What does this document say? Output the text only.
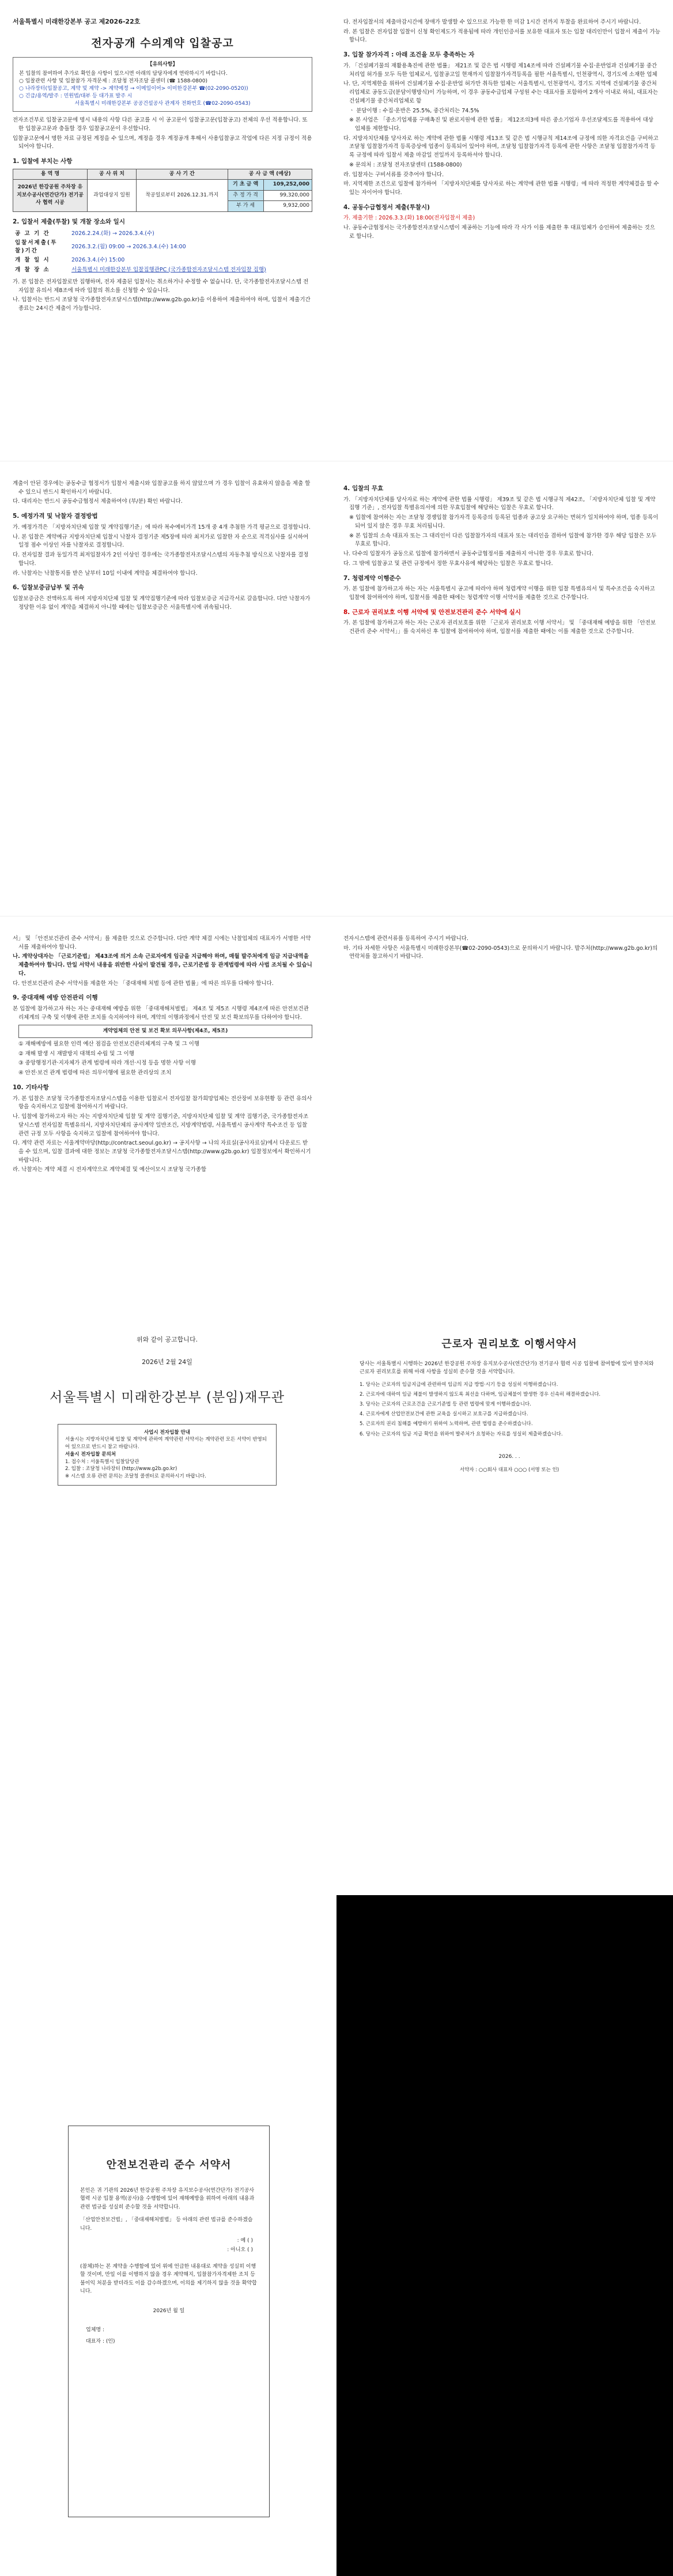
서울특별시 미래한강본부 공고 제2026-22호
전자공개 수의계약 입찰공고
【유의사항】
본 입찰의 참여하여 추가로 확인을 사항이 있으시면 아래의 담당자에게 연락하시기 바랍니다.
○ 입찰관련 사항 및 입찰참가 자격문제 : 조달청 전자조달 콜센터 (☎ 1588-0800)
○ 나라장터(입찰공고, 계약 및 계약 -> 계약예정 → 이메일이어> 이미한강본부 ☎(02-2090-0520))
○ 긴급/용역/발주 : 민원법/대부 등 대가표 발주 시
서울특별시 미래한강본부 공공건설공사 관계자 전화번호 (☎02-2090-0543)
전자조건부로 입찰공고문에 명시 내용의 사항 다른 공고를 시 이 공고문이 입찰공고문(입찰공고) 전체의 우선 적용합니다. 또한 입찰공고문과 충돌할 경우 입찰공고문이 우선합니다.
입찰공고문에서 명한 자료 규정된 계정을 수 있으며, 계정을 경우 계정공개 후해서 사용입찰공고 작업에 다른 지정 규정이 적용 되어야 합니다.
1. 입찰에 부치는 사항
용 역 명	공 사 위 치	공 사 기 간	공 사 금 액 (예상)	
2026년 한강공원 주차장 유지보수공사(연간단가) 전기공사 협력 시공	과업대상지 일원	착공일로부터 2026.12.31.까지	기 초 금 액	109,252,000
			추 정 가 격	99,320,000
			부 가 세	9,932,000
2. 입찰서 제출(투찰) 및 개찰 장소와 일시
공 고 기 간	2026.2.24.(화) → 2026.3.4.(수)
입찰서제출(투찰)기간	2026.3.2.(월) 09:00 → 2026.3.4.(수) 14:00
개 찰 일 시	2026.3.4.(수) 15:00
개 찰 장 소	서울특별시 미래한강본부 입찰집행관PC (국가종합전자조달시스템 전자입찰 집행)
가. 본 입찰은 전자입찰로만 집행하며, 전자 제출된 입찰서는 취소하거나 수정할 수 없습니다. 단, 국가종합전자조달시스템 전자입찰 유의서 제8조에 따라 입찰의 취소를 신청할 수 있습니다.
나. 입찰서는 반드시 조달청 국가종합전자조달시스템(http://www.g2b.go.kr)을 이용하여 제출하여야 하며, 입찰서 제출기간 종료는 24시간 제출이 가능합니다.
다. 전자입찰서의 제출마감시간에 장애가 발생할 수 있으므로 가능한 한 미감 1시간 전까지 투찰을 완료하여 주시기 바랍니다.
라. 본 입찰은 전자입찰 입찰이 신청 확인제도가 적용됨에 따라 개인인증서를 보유한 대표자 또는 입찰 대리인만이 입찰서 제출이 가능합니다.
3. 입찰 참가자격 : 아래 조건을 모두 충족하는 자
가. 「건설폐기물의 재활용촉진에 관한 법률」 제21조 및 같은 법 시행령 제14조에 따라 건설폐기물 수집·운반업과 건설폐기물 중간처리업 허가를 모두 득한 업체로서, 입찰공고일 현재까지 입찰참가자격등록을 필한 서울특별시, 인천광역시, 경기도에 소재한 업체
나. 단, 지역제한을 위하여 건설폐기물 수집·운반업 허가만 취득한 업체는 서울특별시, 인천광역시, 경기도 지역에 건설폐기물 중간처리업체로 공동도급(분담이행방식)이 가능하며, 이 경우 공동수급업체 구성원 수는 대표사를 포함하여 2개사 이내로 하되, 대표자는 건설폐기물 중간처리업체로 함
ㆍ 분담이행 : 수집·운반은 25.5%, 중간처리는 74.5%
※ 본 사업은 「중소기업제품 구매촉진 및 판로지원에 관한 법률」 제12조의3에 따른 중소기업자 우선조달제도를 적용하여 대상 업체를 제한합니다.
다. 지방자치단체를 당사자로 하는 계약에 관한 법률 시행령 제13조 및 같은 법 시행규칙 제14조에 규정에 의한 자격요건을 구비하고 조달청 입찰참가자격 등록증상에 업종이 등록되어 있어야 하며, 조달청 입찰참가자격 등록에 관한 사항은 조달청 입찰참가자격 등록 규정에 따라 입찰서 제출 마감일 전일까지 등록하셔야 합니다.
※ 문의처 : 조달청 전자조달센터 (1588-0800)
라. 입찰자는 구비서류를 갖추어야 합니다.
마. 지역제한 조건으로 입찰에 참가하여 「지방자치단체를 당사자로 하는 계약에 관한 법률 시행령」에 따라 적정한 계약체결을 할 수 있는 자이어야 합니다.
4. 공동수급협정서 제출(투찰시)
가. 제출기한 : 2026.3.3.(화) 18:00(전자입찰서 제출)
나. 공동수급협정서는 국가종합전자조달시스템이 제공하는 기능에 따라 각 사가 이를 제출한 후 대표업체가 승인하여 제출하는 것으로 합니다.
계출이 안된 경우에는 공동수급 협정서가 입찰서 제출시와 입찰공고를 하지 않았으며 가 경우 입찰이 유효하지 않음을 제출 할 수 있으니 반드시 확인하시기 바랍니다.
다. 대리자는 반드시 공동수급협정서 제출하여야 (부/분) 확인 바랍니다.
5. 예정가격 및 낙찰자 결정방법
가. 예정가격은 「지방자치단체 입찰 및 계약집행기준」에 따라 복수예비가격 15개 중 4개 추첨한 가격 평균으로 결정합니다.
나. 본 입찰은 계약예규 지방자치단체 입찰시 낙찰자 결정기준 제5장에 따라 최저가로 입찰한 자 순으로 적격심사를 실시하여 일정 점수 이상인 자를 낙찰자로 결정합니다.
다. 전자입찰 결과 동일가격 최저입찰자가 2인 이상인 경우에는 국가종합전자조달시스템의 자동추첨 방식으로 낙찰자를 결정합니다.
라. 낙찰자는 낙찰통지를 받은 날부터 10일 이내에 계약을 체결하여야 합니다.
6. 입찰보증금납부 및 귀속
입찰보증금은 전액하도록 하며 지방자치단체 입찰 및 계약집행기준에 따라 입찰보증금 지급각서로 갈음합니다. 다만 낙찰자가 정당한 이유 없이 계약을 체결하지 아니할 때에는 입찰보증금은 서울특별시에 귀속됩니다.
4. 입찰의 무효
가. 「지방자치단체를 당사자로 하는 계약에 관한 법률 시행령」 제39조 및 같은 법 시행규칙 제42조, 「지방자치단체 입찰 및 계약집행 기준」, 전자입찰 특별유의서에 의한 무효입찰에 해당하는 입찰은 무효로 합니다.
※ 입찰에 참여하는 자는 조달청 경쟁입찰 참가자격 등록증의 등록된 업종과 공고상 요구하는 면허가 일치하여야 하며, 업종 등록이 되어 있지 않은 경우 무효 처리됩니다.
※ 본 입찰의 소속 대표자 또는 그 대리인이 다른 입찰참가자의 대표자 또는 대리인을 겸하여 입찰에 참가한 경우 해당 입찰은 모두 무효로 합니다.
나. 다수의 입찰자가 공동으로 입찰에 참가하면서 공동수급협정서를 제출하지 아니한 경우 무효로 합니다.
다. 그 밖에 입찰공고 및 관련 규정에서 정한 무효사유에 해당하는 입찰은 무효로 합니다.
7. 청렴계약 이행준수
가. 본 입찰에 참가하고자 하는 자는 서울특별시 공고에 따라야 하며 청렴계약 이행을 위한 입찰 특별유의서 및 특수조건을 숙지하고 입찰에 참여하여야 하며, 입찰서를 제출한 때에는 청렴계약 이행 서약서를 제출한 것으로 간주합니다.
8. 근로자 권리보호 이행 서약에 및 안전보건관리 준수 서약에 실시
가. 본 입찰에 참가하고자 하는 자는 근로자 권리보호를 위한 「근로자 권리보호 이행 서약서」 및 「중대재해 예방을 위한 「안전보건관리 준수 서약서」」를 숙지하신 후 입찰에 참여하여야 하며, 입찰서를 제출한 때에는 이를 제출한 것으로 간주합니다.
서」 및 「안전보건관리 준수 서약서」를 제출한 것으로 간주합니다. 다만 계약 체결 시에는 낙찰업체의 대표자가 서명한 서약서를 제출하여야 합니다.
나. 계약상대자는 「근로기준법」 제43조에 의거 소속 근로자에게 임금을 지급해야 하며, 매월 발주처에게 임금 지급내역을 제출하여야 합니다. 만일 서약서 내용을 위반한 사실이 발견될 경우, 근로기준법 등 관계법령에 따라 사법 조치될 수 있습니다.
다. 안전보건관리 준수 서약서를 제출한 자는 「중대재해 처벌 등에 관한 법률」에 따른 의무를 다해야 합니다.
9. 중대재해 예방 안전관리 이행
본 입찰에 참가하고자 하는 자는 중대재해 예방을 위한 「중대재해처벌법」 제4조 및 제5조 시행령 제4조에 따른 안전보건관리체계의 구축 및 이행에 관한 조치를 숙지하여야 하며, 계약의 이행과정에서 안전 및 보건 확보의무를 다하여야 합니다.
계약업체의 안전 및 보건 확보 의무사항(제4조, 제5조)
① 재해예방에 필요한 인력 예산 점검을 안전보건관리체계의 구축 및 그 이행
② 재해 발생 시 재발방지 대책의 수립 및 그 이행
③ 중앙행정기관·지자체가 관계 법령에 따라 개선·시정 등을 명한 사항 이행
④ 안전·보건 관계 법령에 따른 의무이행에 필요한 관리상의 조치
10. 기타사항
가. 본 입찰은 조달청 국가종합전자조달시스템을 이용한 입찰로서 전자입찰 참가희망업체는 전산장비 보유현황 등 관련 유의사항을 숙지하시고 입찰에 참여하시기 바랍니다.
나. 입찰에 참가하고자 하는 자는 지방자치단체 입찰 및 계약 집행기준, 지방자치단체 입찰 및 계약 집행기준, 국가종합전자조달시스템 전자입찰 특별유의서, 지방자치단체의 공사계약 일반조건, 지방계약법령, 서울특별시 공사계약 특수조건 등 입찰 관련 규정 모두 사항을 숙지하고 입찰에 참여하여야 합니다.
다. 계약 관련 자료는 서울계약마당(http://contract.seoul.go.kr) → 공지사항 → 나의 자료실(공사자료실)에서 다운로드 받을 수 있으며, 입찰 결과에 대한 정보는 조달청 국가종합전자조달시스템(http://www.g2b.go.kr) 입찰정보에서 확인하시기 바랍니다.
라. 낙찰자는 계약 체결 시 전자계약으로 계약체결 및 예산이모시 조달청 국가종합
전자시스템에 관련서류를 등록하여 주시기 바랍니다.
마. 기타 자세한 사항은 서울특별시 미래한강본부(☎02-2090-0543)으로 문의하시기 바랍니다. 발주처(http://www.g2b.go.kr)의 연락처를 참고하시기 바랍니다.
위와 같이 공고합니다.
2026년 2월 24일
서울특별시 미래한강본부 (분임)재무관
사업시 전자입찰 안내
서울시는 지방자치단체 입찰 및 계약에 관하여 계약관련 서약서는 계약관련 모든 서약이 반영되어 있으므로 반드시 참고 바랍니다.
서울시 전자입찰 문의처
1. 접수처 : 서울특별시 입찰담당관
2. 입찰 : 조달청 나라장터 (http://www.g2b.go.kr)
※ 시스템 오류 관련 문의는 조달청 콜센터로 문의하시기 바랍니다.
근로자 권리보호 이행서약서
당사는 서울특별시 시행하는 2026년 한강공원 주차장 유지보수공사(연간단가) 전기공사 협력 시공 입찰에 참여함에 있어 발주처와 근로자 권리보호를 위해 아래 사항을 성실히 준수할 것을 서약합니다.
1. 당사는 근로자의 임금지급에 관련하여 임금의 지급 방법·시기 등을 성실히 이행하겠습니다.
2. 근로자에 대하여 임금 체불이 발생하지 않도록 최선을 다하며, 임금체불이 발생한 경우 신속히 해결하겠습니다.
3. 당사는 근로자의 근로조건을 근로기준법 등 관련 법령에 맞게 이행하겠습니다.
4. 근로자에게 산업안전보건에 관한 교육을 실시하고 보호구를 지급하겠습니다.
5. 근로자의 권리 침해를 예방하기 위하여 노력하며, 관련 법령을 준수하겠습니다.
6. 당사는 근로자의 임금 지급 확인을 위하여 발주처가 요청하는 자료를 성실히 제출하겠습니다.
2026. . .
서약자 : ○○회사 대표자 ○○○ (서명 또는 인)
안전보건관리 준수 서약서
본인은 귀 기관의 2026년 한강공원 주차장 유지보수공사(연간단가) 전기공사 협력 시공 입찰 용역(공사)을 수행함에 있어 재해예방을 위하여 아래의 내용과 관련 법규를 성실히 준수할 것을 서약합니다.
「산업안전보건법」, 「중대재해처벌법」 등 아래의 관련 법규를 준수하겠습니다.
: 예 ( )
: 아니오 ( )
(참체)하는 본 계약을 수행함에 있어 위에 언급한 내용대로 계약을 성실히 이행할 것이며, 만일 이를 이행하지 않을 경우 계약해지, 입찰참가자격제한 조치 등 불이익 처분을 받더라도 이를 감수하겠으며, 이의를 제기하지 않을 것을 확약합니다.
2026년 월 일
업체명 :
대표자 : (인)
